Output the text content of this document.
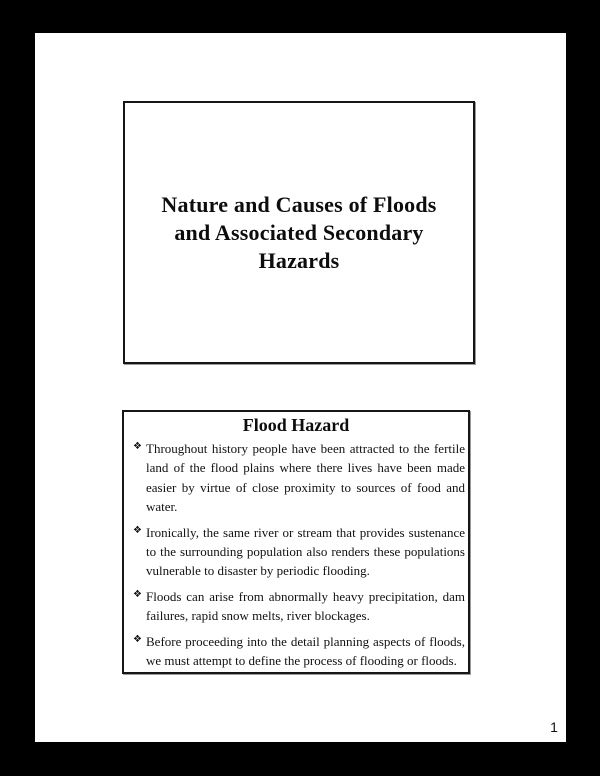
Nature and Causes of Floods and Associated Secondary Hazards
Flood Hazard
❖ Throughout history people have been attracted to the fertile land of the flood plains where there lives have been made easier by virtue of close proximity to sources of food and water.
❖ Ironically, the same river or stream that provides sustenance to the surrounding population also renders these populations vulnerable to disaster by periodic flooding.
❖ Floods can arise from abnormally heavy precipitation, dam failures, rapid snow melts, river blockages.
❖ Before proceeding into the detail planning aspects of floods, we must attempt to define the process of flooding or floods.
1
